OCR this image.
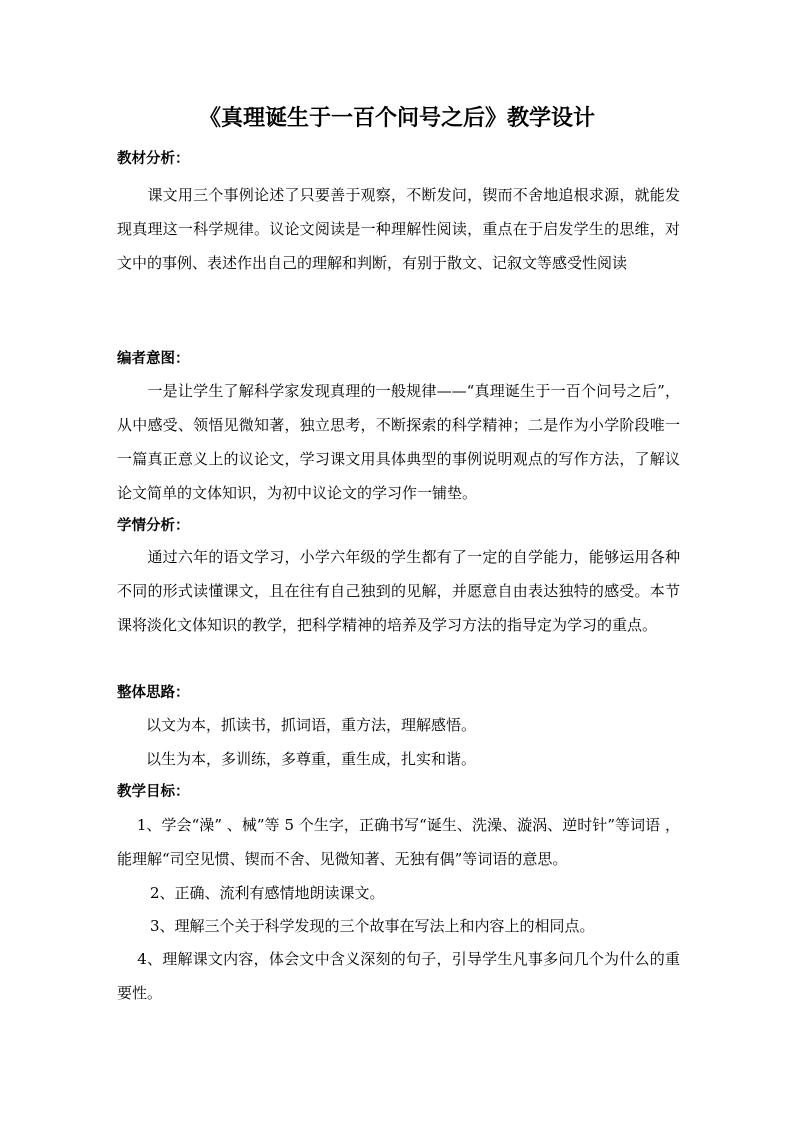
《真理诞生于一百个问号之后》教学设计

教材分析：

　　课文用三个事例论述了只要善于观察，不断发问，锲而不舍地追根求源，就能发现真理这一科学规律。议论文阅读是一种理解性阅读，重点在于启发学生的思维，对文中的事例、表述作出自己的理解和判断，有别于散文、记叙文等感受性阅读

编者意图：

　　一是让学生了解科学家发现真理的一般规律——“真理诞生于一百个问号之后”，从中感受、领悟见微知著，独立思考，不断探索的科学精神；二是作为小学阶段唯一一篇真正意义上的议论文，学习课文用具体典型的事例说明观点的写作方法，了解议论文简单的文体知识，为初中议论文的学习作一铺垫。

学情分析：

　　通过六年的语文学习，小学六年级的学生都有了一定的自学能力，能够运用各种不同的形式读懂课文，且在往有自己独到的见解，并愿意自由表达独特的感受。本节课将淡化文体知识的教学，把科学精神的培养及学习方法的指导定为学习的重点。

整体思路：

以文为本，抓读书，抓词语，重方法，理解感悟。

以生为本，多训练，多尊重，重生成，扎实和谐。

教学目标：

　 1、学会“澡” 、械”等 5 个生字，正确书写“诞生、洗澡、漩涡、逆时针”等词语 ，能理解“司空见惯、锲而不舍、见微知著、无独有偶”等词语的意思。

2、正确、流利有感情地朗读课文。

3、理解三个关于科学发现的三个故事在写法上和内容上的相同点。

　 4、理解课文内容，体会文中含义深刻的句子，引导学生凡事多问几个为什么的重要性。
